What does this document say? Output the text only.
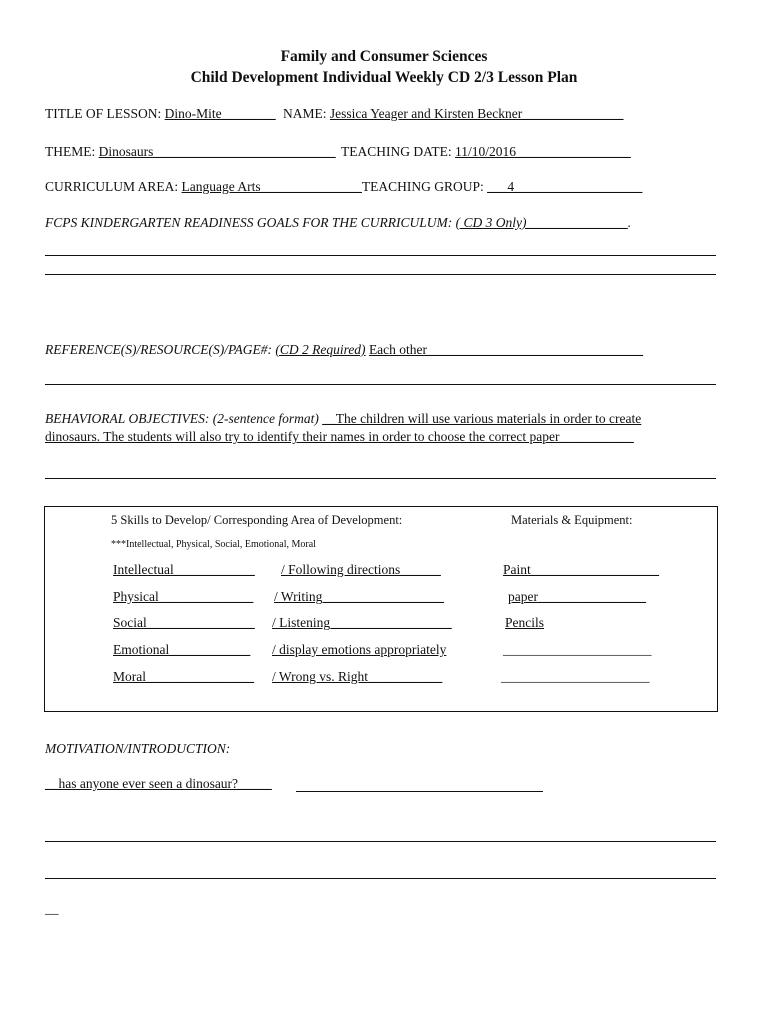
Family and Consumer Sciences
Child Development Individual Weekly CD 2/3 Lesson Plan
TITLE OF LESSON: Dino-Mite________ NAME: Jessica Yeager and Kirsten Beckner_______________
THEME: Dinosaurs___________________________ TEACHING DATE: 11/10/2016_________________
CURRICULUM AREA: Language Arts_______________TEACHING GROUP: ___4___________________
FCPS KINDERGARTEN READINESS GOALS FOR THE CURRICULUM: ( CD 3 Only)_______________.
REFERENCE(S)/RESOURCE(S)/PAGE#: (CD 2 Required) Each other________________________________
BEHAVIORAL OBJECTIVES: (2-sentence format) __The children will use various materials in order to create
dinosaurs. The students will also try to identify their names in order to choose the correct paper___________
5 Skills to Develop/ Corresponding Area of Development:	Materials & Equipment:
***Intellectual, Physical, Social, Emotional, Moral
Intellectual____________ / Following directions______	Paint___________________
Physical______________ / Writing__________________	paper________________
Social________________ / Listening__________________	Pencils
Emotional____________ / display emotions appropriately	______________________
Moral________________ / Wrong vs. Right___________	______________________
MOTIVATION/INTRODUCTION:
__has anyone ever seen a dinosaur?_____
__
